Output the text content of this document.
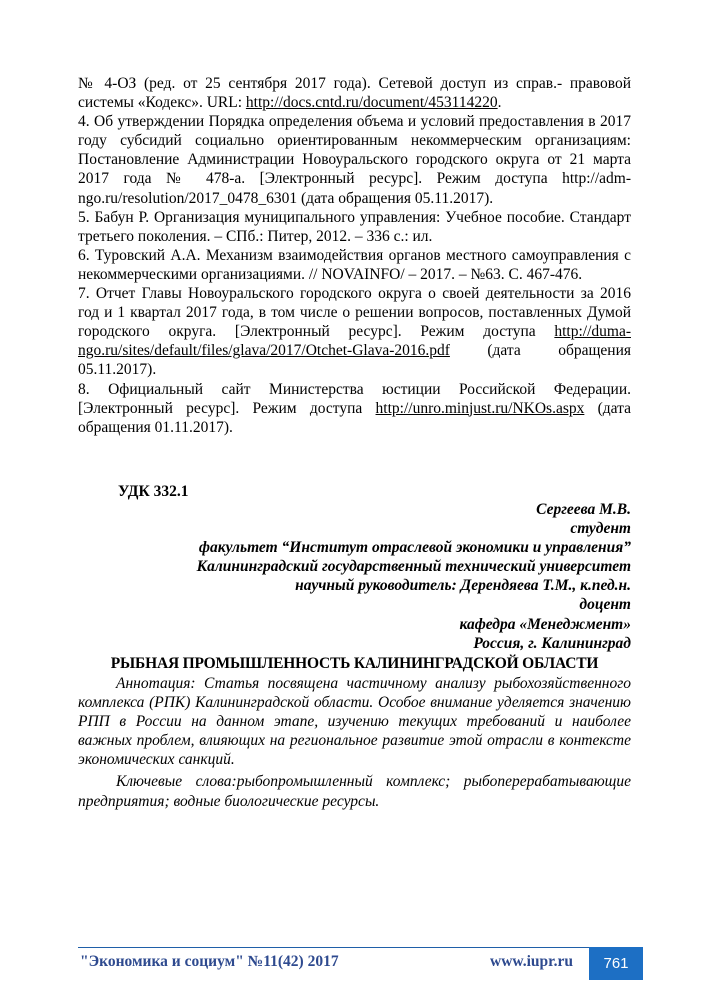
№ 4-ОЗ (ред. от 25 сентября 2017 года). Сетевой доступ из справ.- правовой системы «Кодекс». URL: http://docs.cntd.ru/document/453114220.

4. Об утверждении Порядка определения объема и условий предоставления в 2017 году субсидий социально ориентированным некоммерческим организациям: Постановление Администрации Новоуральского городского округа от 21 марта 2017 года № 478-а. [Электронный ресурс]. Режим доступа http://adm-ngo.ru/resolution/2017_0478_6301 (дата обращения 05.11.2017).

5. Бабун Р. Организация муниципального управления: Учебное пособие. Стандарт третьего поколения. – СПб.: Питер, 2012. – 336 с.: ил.

6. Туровский А.А. Механизм взаимодействия органов местного самоуправления с некоммерческими организациями. // NOVAINFO/ – 2017. – №63. С. 467-476.

7. Отчет Главы Новоуральского городского округа о своей деятельности за 2016 год и 1 квартал 2017 года, в том числе о решении вопросов, поставленных Думой городского округа. [Электронный ресурс]. Режим доступа http://duma-ngo.ru/sites/default/files/glava/2017/Otchet-Glava-2016.pdf (дата обращения 05.11.2017).

8. Официальный сайт Министерства юстиции Российской Федерации. [Электронный ресурс]. Режим доступа http://unro.minjust.ru/NKOs.aspx (дата обращения 01.11.2017).

УДК 332.1
Сергеева М.В.
студент
факультет “Институт отраслевой экономики и управления”
Калининградский государственный технический университет
научный руководитель: Дерендяева Т.М., к.пед.н.
доцент
кафедра «Менеджмент»
Россия, г. Калининград
РЫБНАЯ ПРОМЫШЛЕННОСТЬ КАЛИНИНГРАДСКОЙ ОБЛАСТИ

Аннотация: Статья посвящена частичному анализу рыбохозяйственного комплекса (РПК) Калининградской области. Особое внимание уделяется значению РПП в России на данном этапе, изучению текущих требований и наиболее важных проблем, влияющих на региональное развитие этой отрасли в контексте экономических санкций.

Ключевые слова:рыбопромышленный комплекс; рыбоперерабатывающие предприятия; водные биологические ресурсы.

"Экономика и социум" №11(42) 2017	www.iupr.ru	761
